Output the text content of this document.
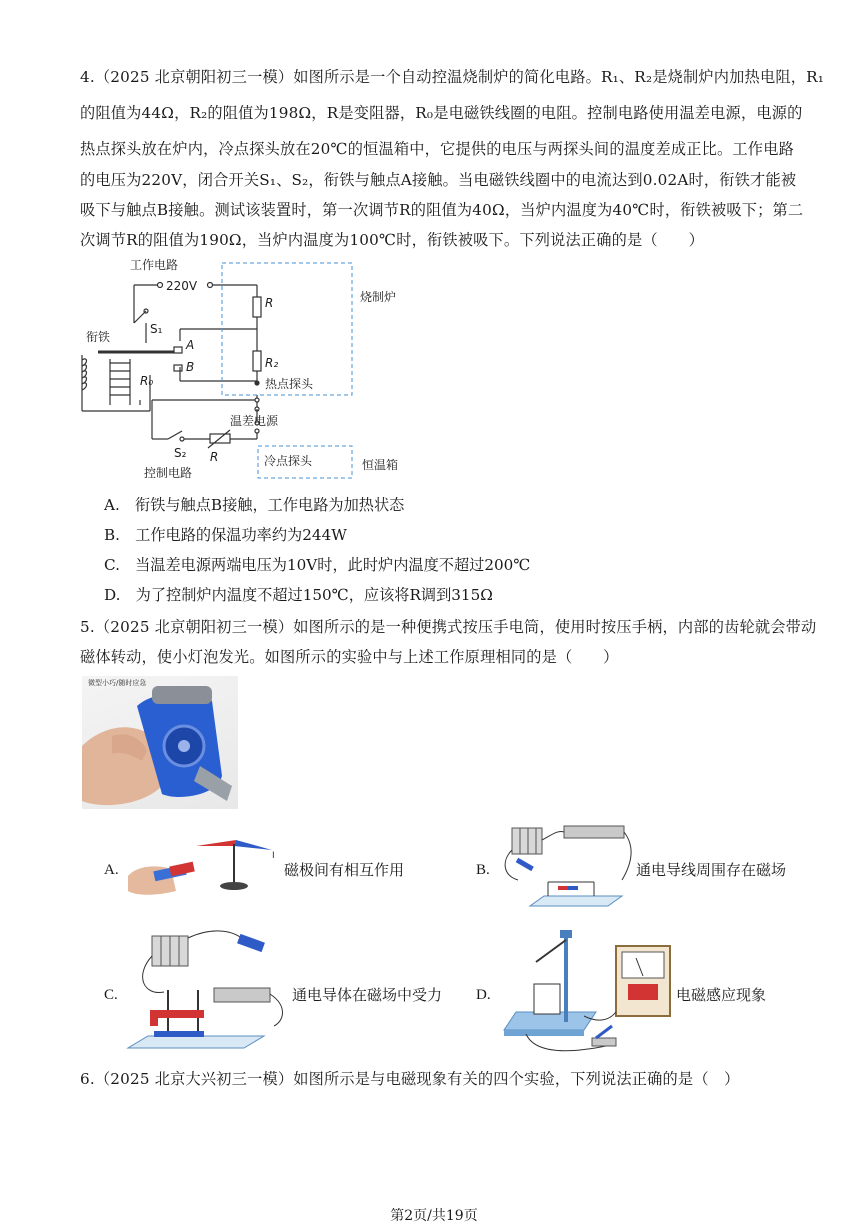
4.（2025 北京朝阳初三一模）如图所示是一个自动控温烧制炉的简化电路。R₁、R₂是烧制炉内加热电阻，R₁
的阻值为44Ω，R₂的阻值为198Ω，R是变阻器，R₀是电磁铁线圈的电阻。控制电路使用温差电源，电源的
热点探头放在炉内，冷点探头放在20℃的恒温箱中，它提供的电压与两探头间的温度差成正比。工作电路
的电压为220V，闭合开关S₁、S₂，衔铁与触点A接触。当电磁铁线圈中的电流达到0.02A时，衔铁才能被
吸下与触点B接触。测试该装置时，第一次调节R的阻值为40Ω，当炉内温度为40℃时，衔铁被吸下；第二
次调节R的阻值为190Ω，当炉内温度为100℃时，衔铁被吸下。下列说法正确的是（　　）
工作电路
220V
衔铁
S₁
A
B
R₀
R
R₂
烧制炉
热点探头
温差电源
S₂ R
控制电路
冷点探头	恒温箱
A.　衔铁与触点B接触，工作电路为加热状态
B.　工作电路的保温功率约为244W
C.　当温差电源两端电压为10V时，此时炉内温度不超过200℃
D.　为了控制炉内温度不超过150℃，应该将R调到315Ω
5.（2025 北京朝阳初三一模）如图所示的是一种便携式按压手电筒，使用时按压手柄，内部的齿轮就会带动
磁体转动，使小灯泡发光。如图所示的实验中与上述工作原理相同的是（　　）
微型小巧/随时应急
A.
I
磁极间有相互作用	B.	通电导线周围存在磁场
C.	通电导体在磁场中受力 D.	电磁感应现象
6.（2025 北京大兴初三一模）如图所示是与电磁现象有关的四个实验，下列说法正确的是（　）
第2页/共19页
